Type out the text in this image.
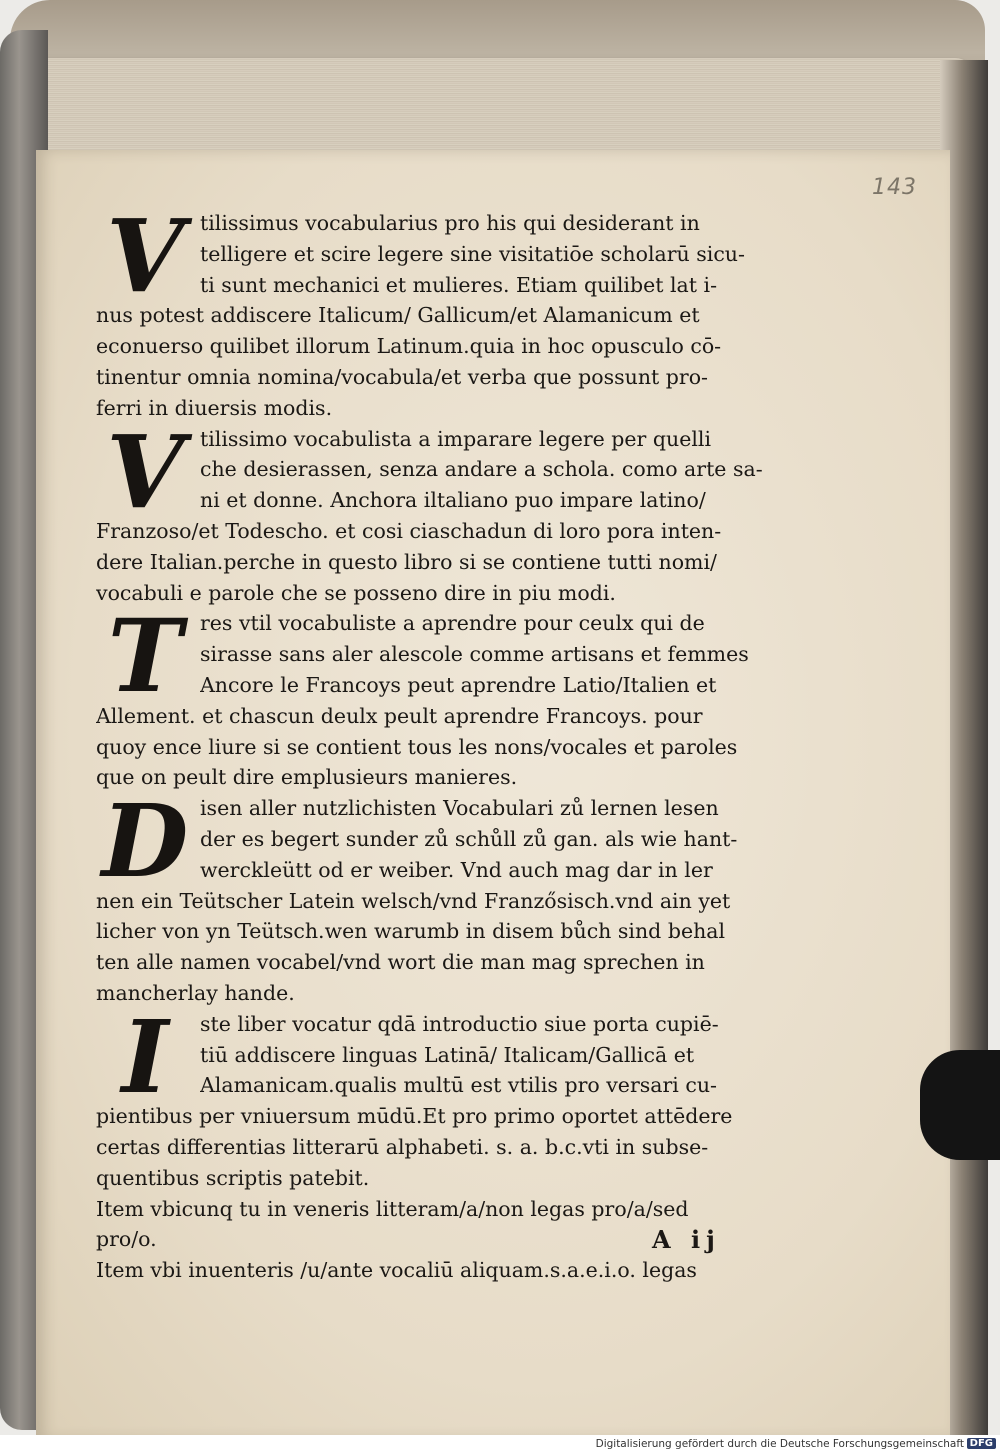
143
V tilissimus vocabularius pro his qui desiderant in
telligere et scire legere sine visitatiōe scholarū sicu-
ti sunt mechanici et mulieres. Etiam quilibet lat i-
nus potest addiscere Italicum/ Gallicum/et Alamanicum et
econuerso quilibet illorum Latinum.quia in hoc opusculo cō-
tinentur omnia nomina/vocabula/et verba que possunt pro-
ferri in diuersis modis.
V tilissimo vocabulista a imparare legere per quelli
che desierassen, senza andare a schola. como arte sa-
ni et donne. Anchora iltaliano puo impare latino/
Franzoso/et Todescho. et cosi ciaschadun di loro pora inten-
dere Italian.perche in questo libro si se contiene tutti nomi/
vocabuli e parole che se posseno dire in piu modi.
T res vtil vocabuliste a aprendre pour ceulx qui de
sirasse sans aler alescole comme artisans et femmes
Ancore le Francoys peut aprendre Latio/Italien et
Allement. et chascun deulx peult aprendre Francoys. pour
quoy ence liure si se contient tous les nons/vocales et paroles
que on peult dire emplusieurs manieres.
D isen aller nutzlichisten Vocabulari zů lernen lesen
der es begert sunder zů schůll zů gan. als wie hant-
werckleütt od er weiber. Vnd auch mag dar in ler
nen ein Teütscher Latein welsch/vnd Franzősisch.vnd ain yet
licher von yn Teütsch.wen warumb in disem bůch sind behal
ten alle namen vocabel/vnd wort die man mag sprechen in
mancherlay hande.
I	ste liber vocatur qdā introductio siue porta cupiē-
tiū addiscere linguas Latinā/ Italicam/Gallicā et
Alamanicam.qualis multū est vtilis pro versari cu-
pientibus per vniuersum mūdū.Et pro primo oportet attēdere
certas differentias litterarū alphabeti. s. a. b.c.vti in subse-
quentibus scriptis patebit.
Item vbicunq tu in veneris litteram/a/non legas pro/a/sed
pro/o.
Item vbi inuenteris /u/ante vocaliū aliquam.s.a.e.i.o. legas
A ij
Digitalisierung gefördert durch die Deutsche Forschungsgemeinschaft DFG
